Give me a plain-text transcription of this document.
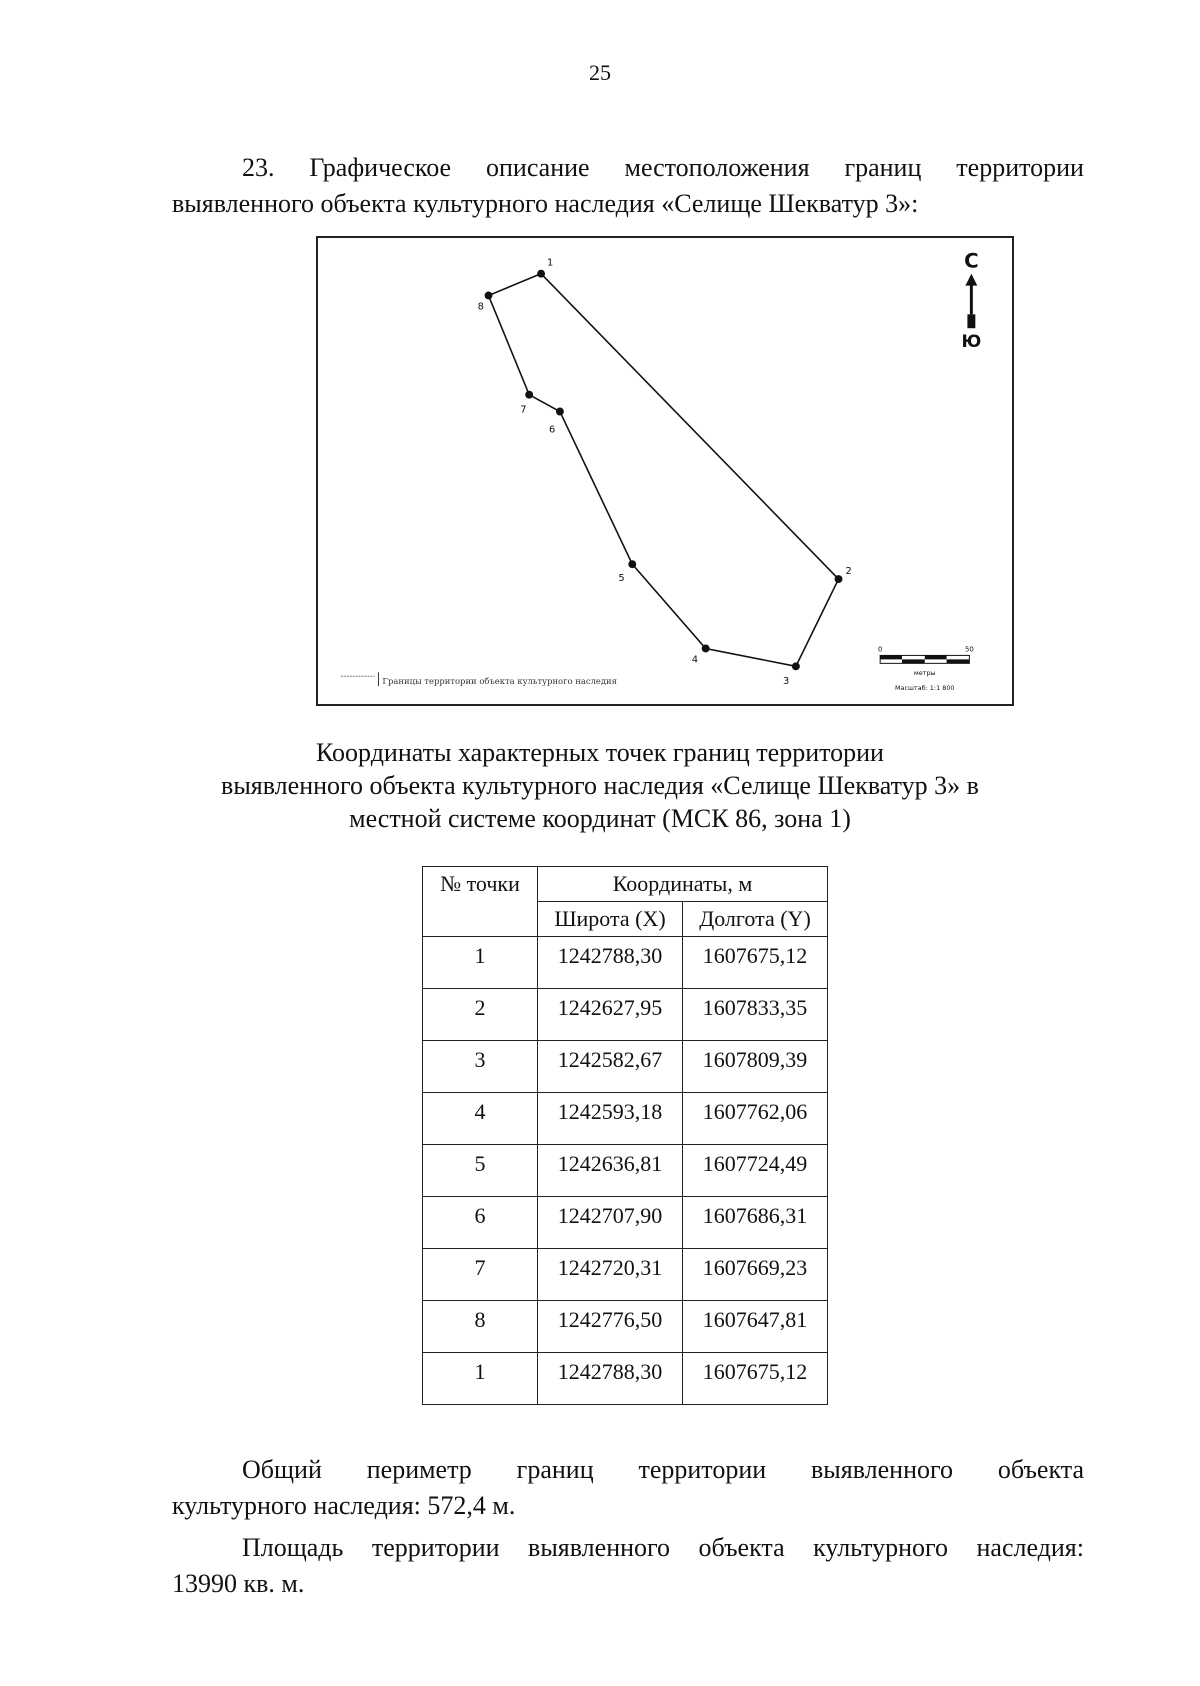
25
23. Графическое описание местоположения границ территории
выявленного объекта культурного наследия «Селище Шекватур 3»:
1
2
3
4
5
6
7
8
С
Ю
Границы территории объекта культурного наследия
0	50
метры
Масштаб: 1:1 800
Координаты характерных точек границ территории
выявленного объекта культурного наследия «Селище Шекватур 3» в
местной системе координат (МСК 86, зона 1)
№ точки	Координаты, м	
	Широта (X)	Долгота (Y)
1	1242788,30	1607675,12
2	1242627,95	1607833,35
3	1242582,67	1607809,39
4	1242593,18	1607762,06
5	1242636,81	1607724,49
6	1242707,90	1607686,31
7	1242720,31	1607669,23
8	1242776,50	1607647,81
1	1242788,30	1607675,12
Общий периметр границ территории выявленного объекта
культурного наследия: 572,4 м.
Площадь территории выявленного объекта культурного наследия:
13990 кв. м.
